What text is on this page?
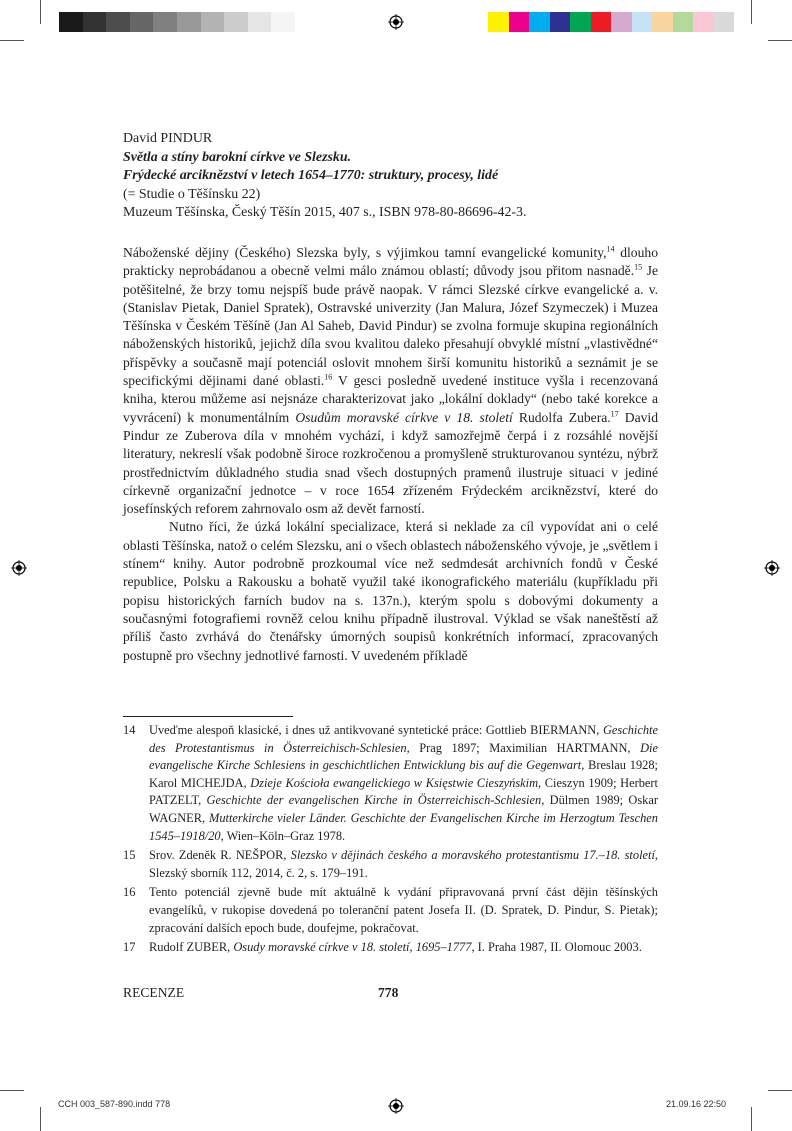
David PINDUR
Světla a stíny barokní církve ve Slezsku.
Frýdecké arciknězství v letech 1654–1770: struktury, procesy, lidé
(= Studie o Těšínsku 22)
Muzeum Těšínska, Český Těšín 2015, 407 s., ISBN 978-80-86696-42-3.

Náboženské dějiny (Českého) Slezska byly, s výjimkou tamní evangelické komunity,$^{14}$ dlouho prakticky neprobádanou a obecně velmi málo známou oblastí; důvody jsou přitom nasnadě.$^{15}$ Je potěšitelné, že brzy tomu nejspíš bude právě naopak. V rámci Slezské církve evangelické a. v. (Stanislav Pietak, Daniel Spratek), Ostravské univerzity (Jan Malura, Józef Szymeczek) i Muzea Těšínska v Českém Těšíně (Jan Al Saheb, David Pindur) se zvolna formuje skupina regionálních náboženských historiků, jejichž díla svou kvalitou daleko přesahují obvyklé místní „vlastivědné“ příspěvky a současně mají potenciál oslovit mnohem širší komunitu historiků a seznámit je se specifickými dějinami dané oblasti.$^{16}$ V gesci posledně uvedené instituce vyšla i recenzovaná kniha, kterou můžeme asi nejsnáze charakterizovat jako „lokální doklady“ (nebo také korekce a vyvrácení) k monumentálním Osudům moravské církve v 18. století Rudolfa Zubera.$^{17}$ David Pindur ze Zuberova díla v mnohém vychází, i když samozřejmě čerpá i z rozsáhlé novější literatury, nekreslí však podobně široce rozkročenou a promyšleně strukturovanou syntézu, nýbrž prostřednictvím důkladného studia snad všech dostupných pramenů ilustruje situaci v jediné církevně organizační jednotce – v roce 1654 zřízeném Frýdeckém arciknězství, které do josefínských reforem zahrnovalo osm až devět farností.

Nutno říci, že úzká lokální specializace, která si neklade za cíl vypovídat ani o celé oblasti Těšínska, natož o celém Slezsku, ani o všech oblastech náboženského vývoje, je „světlem i stínem“ knihy. Autor podrobně prozkoumal více než sedmdesát archivních fondů v České republice, Polsku a Rakousku a bohatě využil také ikonografického materiálu (kupříkladu při popisu historických farních budov na s. 137n.), kterým spolu s dobovými dokumenty a současnými fotografiemi rovněž celou knihu případně ilustroval. Výklad se však naneštěstí až příliš často zvrhává do čtenářsky úmorných soupisů konkrétních informací, zpracovaných postupně pro všechny jednotlivé farnosti. V uvedeném příkladě

14	Uveďme alespoň klasické, i dnes už antikvované syntetické práce: Gottlieb BIERMANN, Geschichte des Protestantismus in Österreichisch-Schlesien, Prag 1897; Maximilian HARTMANN, Die evangelische Kirche Schlesiens in geschichtlichen Entwicklung bis auf die Gegenwart, Breslau 1928; Karol MICHEJDA, Dzieje Kościoła ewangelickiego w Księstwie Cieszyńskim, Cieszyn 1909; Herbert PATZELT, Geschichte der evangelischen Kirche in Österreichisch-Schlesien, Dülmen 1989; Oskar WAGNER, Mutterkirche vieler Länder. Geschichte der Evangelischen Kirche im Herzogtum Teschen 1545–1918/20, Wien–Köln–Graz 1978.
15	Srov. Zdeněk R. NEŠPOR, Slezsko v dějinách českého a moravského protestantismu 17.–18. století, Slezský sborník 112, 2014, č. 2, s. 179–191.
16	Tento potenciál zjevně bude mít aktuálně k vydání připravovaná první část dějin těšínských evangelíků, v rukopise dovedená po toleranční patent Josefa II. (D. Spratek, D. Pindur, S. Pietak); zpracování dalších epoch bude, doufejme, pokračovat.
17	Rudolf ZUBER, Osudy moravské církve v 18. století, 1695–1777, I. Praha 1987, II. Olomouc 2003.
RECENZE	778
CCH 003_587-890.indd 778	21.09.16 22:50
